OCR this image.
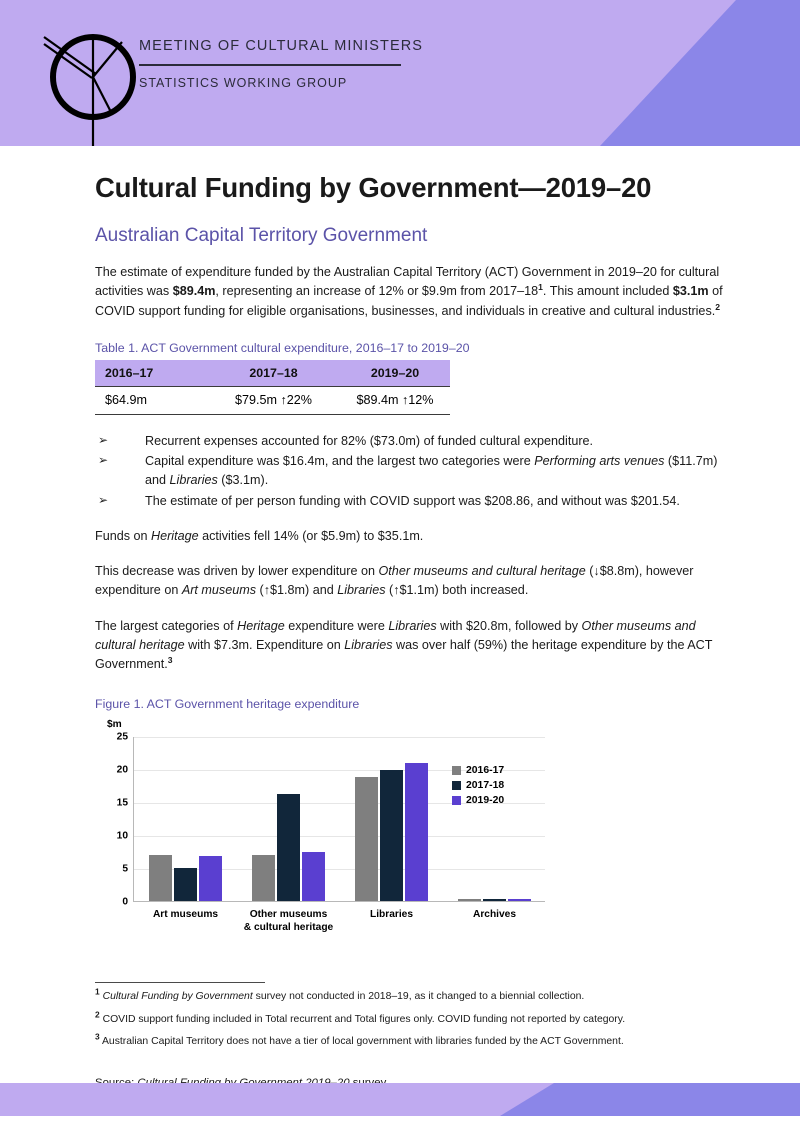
MEETING OF CULTURAL MINISTERS
STATISTICS WORKING GROUP
Cultural Funding by Government—2019–20
Australian Capital Territory Government

The estimate of expenditure funded by the Australian Capital Territory (ACT) Government in 2019–20 for cultural activities was $89.4m, representing an increase of 12% or $9.9m from $2017-18^1$. This amount included $3.1m of COVID support funding for eligible organisations, businesses, and individuals in creative and cultural industries.$^2$

Table 1. ACT Government cultural expenditure, 2016–17 to 2019–20
2016–17	2017–18	2019–20
$64.9m	$79.5m ↑22%	$89.4m ↑12%
➢	Recurrent expenses accounted for 82% ($73.0m) of funded cultural expenditure.
➢	Capital expenditure was $16.4m, and the largest two categories were Performing arts venues ($11.7m) and Libraries ($3.1m).
➢	The estimate of per person funding with COVID support was $208.86, and without was $201.54.

Funds on Heritage activities fell 14% (or $5.9m) to $35.1m.

This decrease was driven by lower expenditure on Other museums and cultural heritage (↓$8.8m), however expenditure on Art museums (↑$1.8m) and Libraries (↑$1.1m) both increased.

The largest categories of Heritage expenditure were Libraries with $20.8m, followed by Other museums and cultural heritage with $7.3m. Expenditure on Libraries was over half (59%) the heritage expenditure by the ACT Government.$^3$

Figure 1. ACT Government heritage expenditure
$m
0
5
10
15
20
25
Art museums	Other museums
& cultural heritage
Libraries	Archives
2016-17
2017-18
2019-20
$^1$ Cultural Funding by Government survey not conducted in 2018–19, as it changed to a biennial collection.
$^2$ COVID support funding included in Total recurrent and Total figures only. COVID funding not reported by category.
$^3$ Australian Capital Territory does not have a tier of local government with libraries funded by the ACT Government.
